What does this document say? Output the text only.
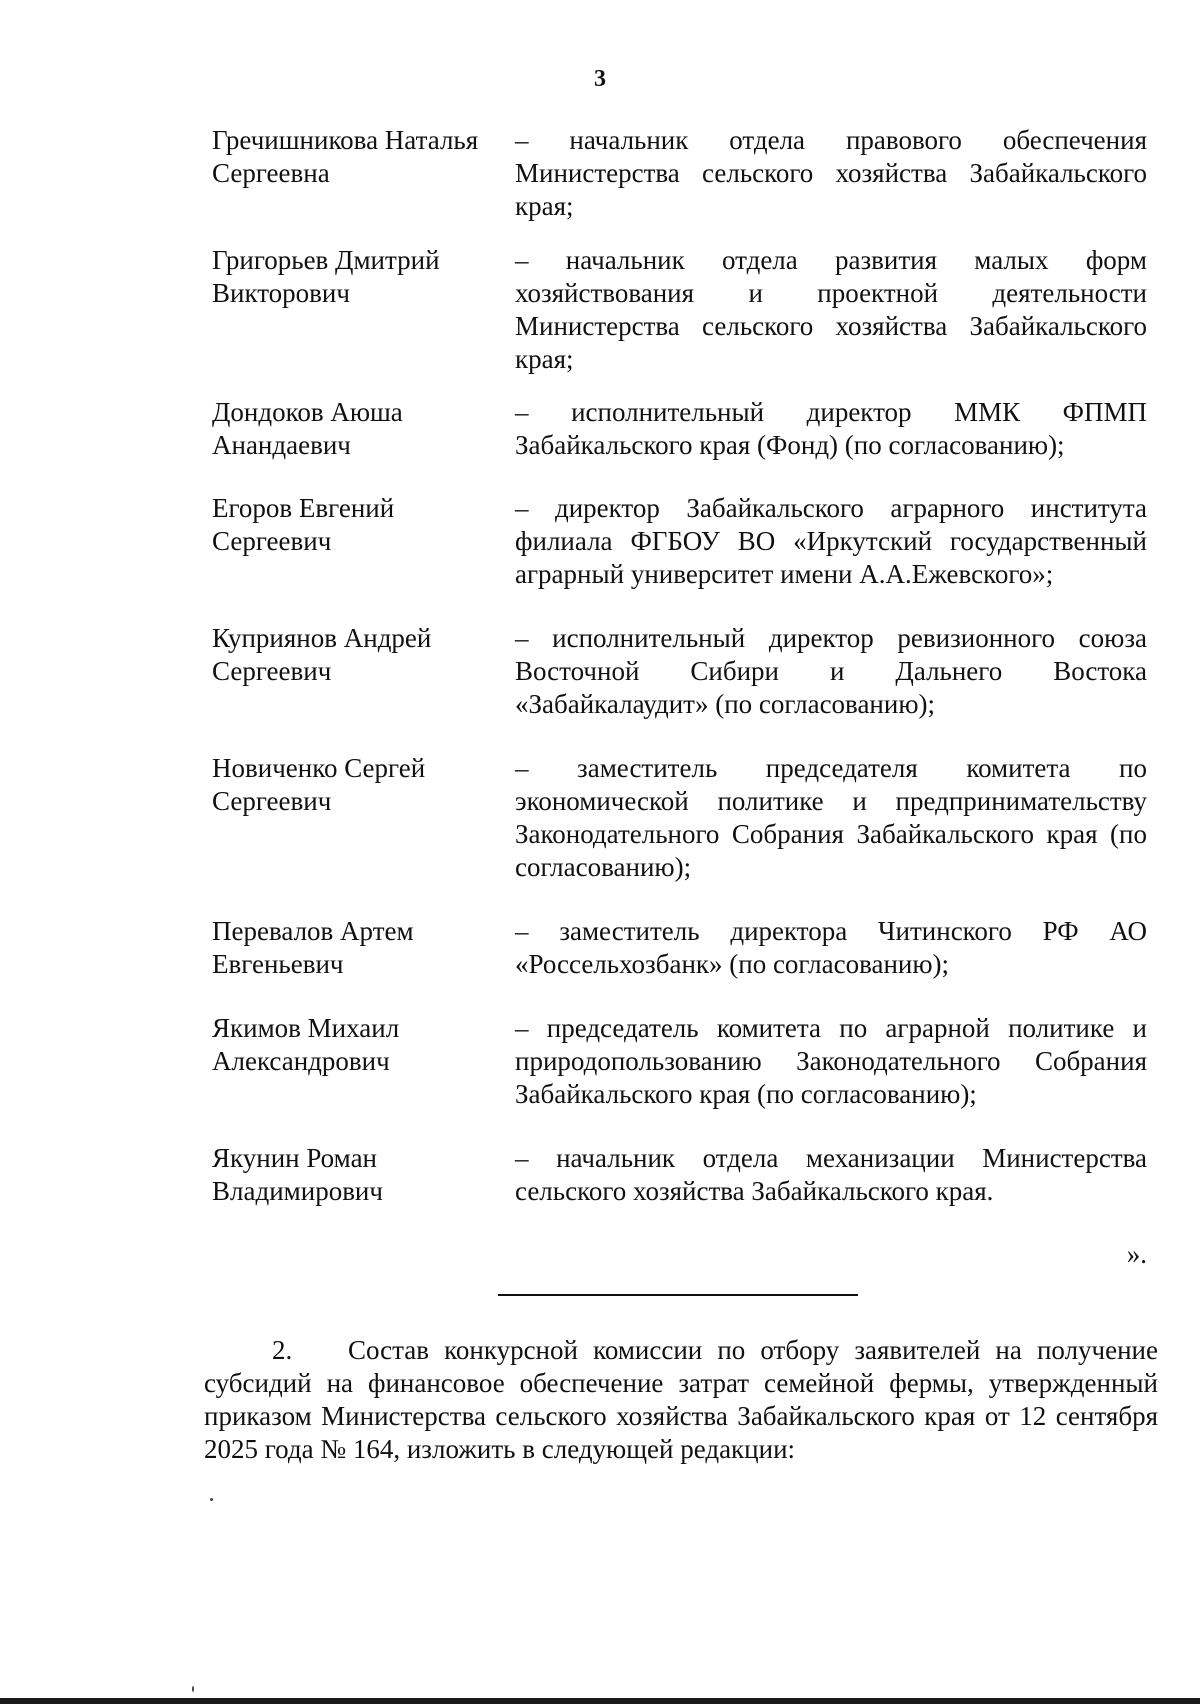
3
Гречишникова Наталья Сергеевна
– начальник отдела правового обеспечения Министерства сельского хозяйства Забайкальского края;
Григорьев Дмитрий Викторович
– начальник отдела развития малых форм хозяйствования и проектной деятельности Министерства сельского хозяйства Забайкальского края;
Дондоков Аюша Анандаевич
– исполнительный директор ММК ФПМП Забайкальского края (Фонд) (по согласованию);
Егоров Евгений Сергеевич
– директор Забайкальского аграрного института филиала ФГБОУ ВО «Иркутский государственный аграрный университет имени А.А.Ежевского»;
Куприянов Андрей Сергеевич
– исполнительный директор ревизионного союза Восточной Сибири и Дальнего Востока «Забайкалаудит» (по согласованию);
Новиченко Сергей Сергеевич
– заместитель председателя комитета по экономической политике и предпринимательству Законодательного Собрания Забайкальского края (по согласованию);
Перевалов Артем Евгеньевич
– заместитель директора Читинского РФ АО «Россельхозбанк» (по согласованию);
Якимов Михаил Александрович
– председатель комитета по аграрной политике и природопользованию Законодательного Собрания Забайкальского края (по согласованию);
Якунин Роман Владимирович
– начальник отдела механизации Министерства сельского хозяйства Забайкальского края.
».
2. Состав конкурсной комиссии по отбору заявителей на получение субсидий на финансовое обеспечение затрат семейной фермы, утвержденный приказом Министерства сельского хозяйства Забайкальского края от 12 сентября 2025 года № 164, изложить в следующей редакции:
